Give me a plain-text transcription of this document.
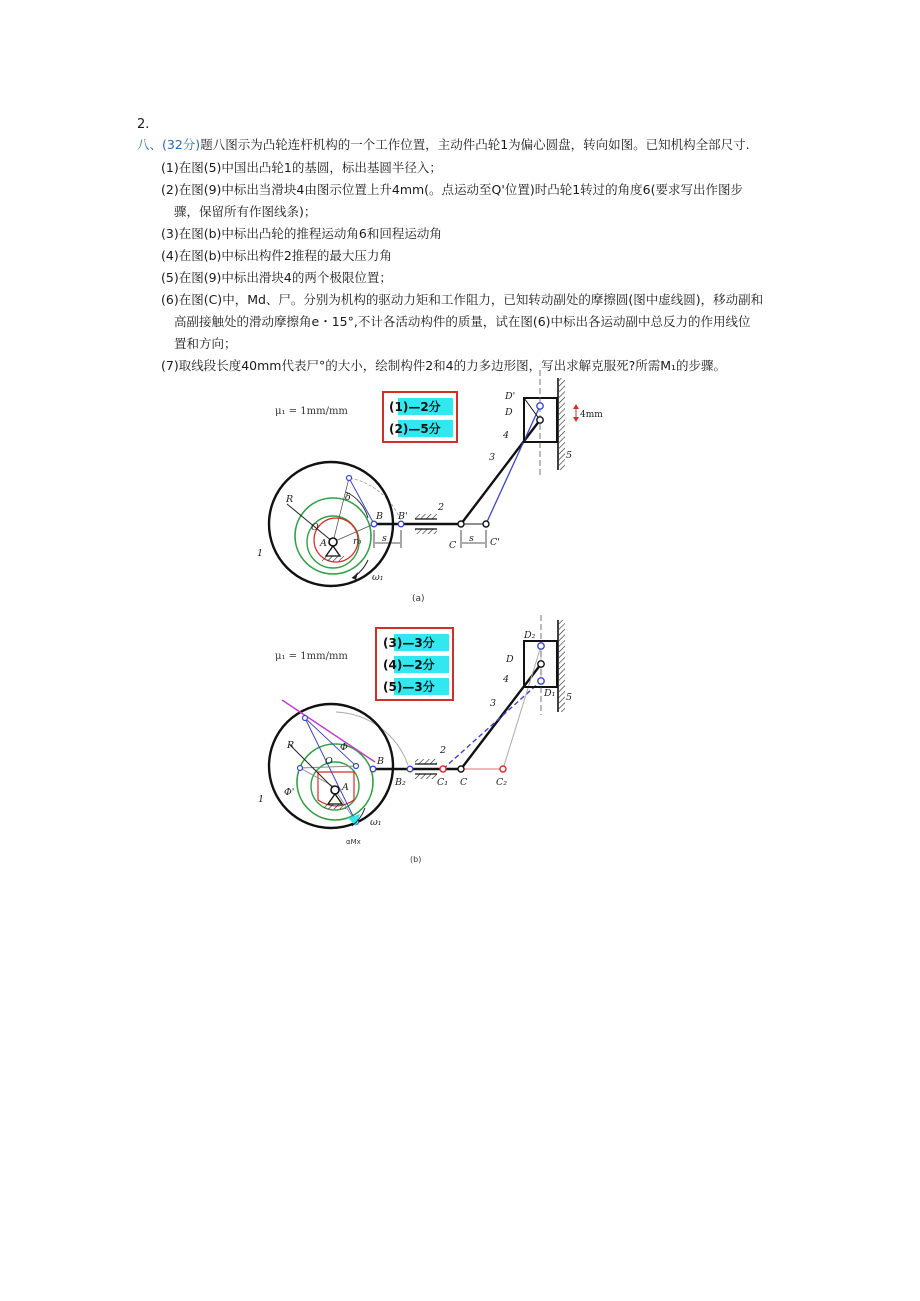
2.
八、(32分)题八图示为凸轮连杆机构的一个工作位置，主动件凸轮1为偏心圆盘，转向如图。已知机构全部尺寸.
(1)在图(5)中国出凸轮1的基圆，标出基圆半径入；
(2)在图(9)中标出当滑块4由图示位置上升4mm(。点运动至Q'位置)时凸轮1转过的角度6(要求写出作图步
骤，保留所有作图线条)；
(3)在图(b)中标出凸轮的推程运动角6和回程运动角
(4)在图(b)中标出构件2推程的最大压力角
(5)在图(9)中标出滑块4的两个极限位置；
(6)在图(C)中，Md、尸。分别为机构的驱动力矩和工作阻力，已知转动副处的摩擦圆(图中虚线圆)，移动副和
高副接触处的滑动摩擦角e・15°,不计各活动构件的质量，试在图(6)中标出各运动副中总反力的作用线位
置和方向；
(7)取线段长度40mm代表尸°的大小，绘制构件2和4的力多边形图，写出求解克服死?所需M₁的步骤。
μ₁ = 1mm/mm	(1)—2分
(2)—5分
R	δ
O
A	r₀
B B'
s
2
C	C'
s
3
4
5
D
D'
1
ω₁
4mm
(a)
μ₁ = 1mm/mm
(3)—3分
(4)—2分
(5)—3分
R	Φ
Φ'
O
A
B
B₂
2
C₁ C	C₂
3
4
5
D
D₂
D₁
1
ω₁
αMx
(b)
